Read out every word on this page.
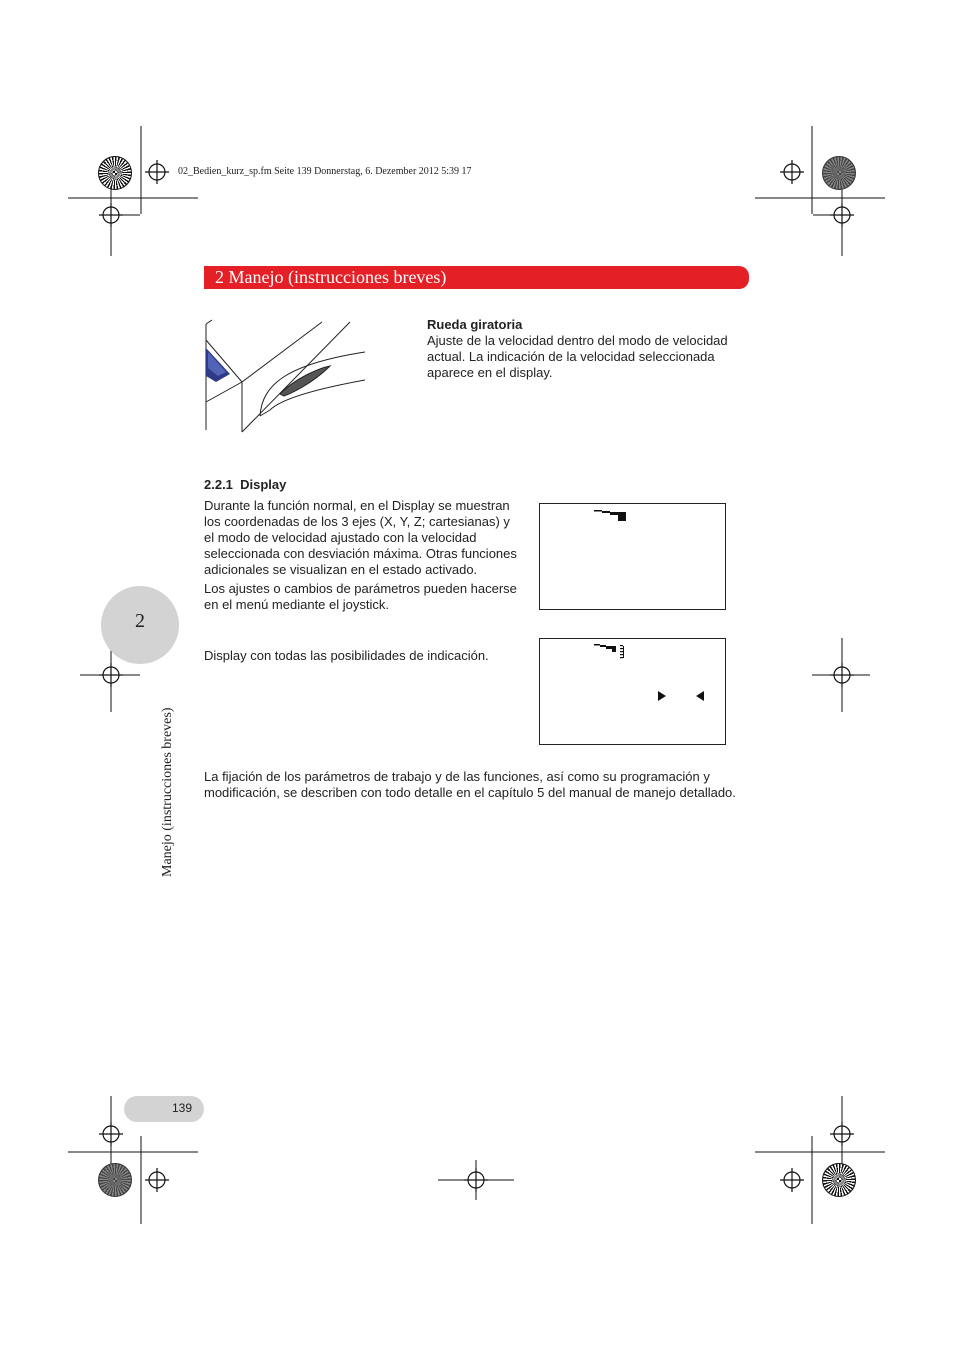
02_Bedien_kurz_sp.fm Seite 139 Donnerstag, 6. Dezember 2012 5:39 17
2 Manejo (instrucciones breves)
2
Manejo (instrucciones breves)
Rueda giratoria
Ajuste de la velocidad dentro del modo de velocidad actual. La indicación de la velocidad seleccionada aparece en el display.
2.2.1  Display
Durante la función normal, en el Display se muestran los coordenadas de los 3 ejes (X, Y, Z; cartesianas) y el modo de velocidad ajustado con la velocidad seleccionada con desviación máxima. Otras funciones adicionales se visualizan en el estado activado.
Los ajustes o cambios de parámetros pueden hacerse en el menú mediante el joystick.
Display con todas las posibilidades de indicación.
La fijación de los parámetros de trabajo y de las funciones, así como su programación y modificación, se describen con todo detalle en el capítulo 5 del manual de manejo detallado.
139
